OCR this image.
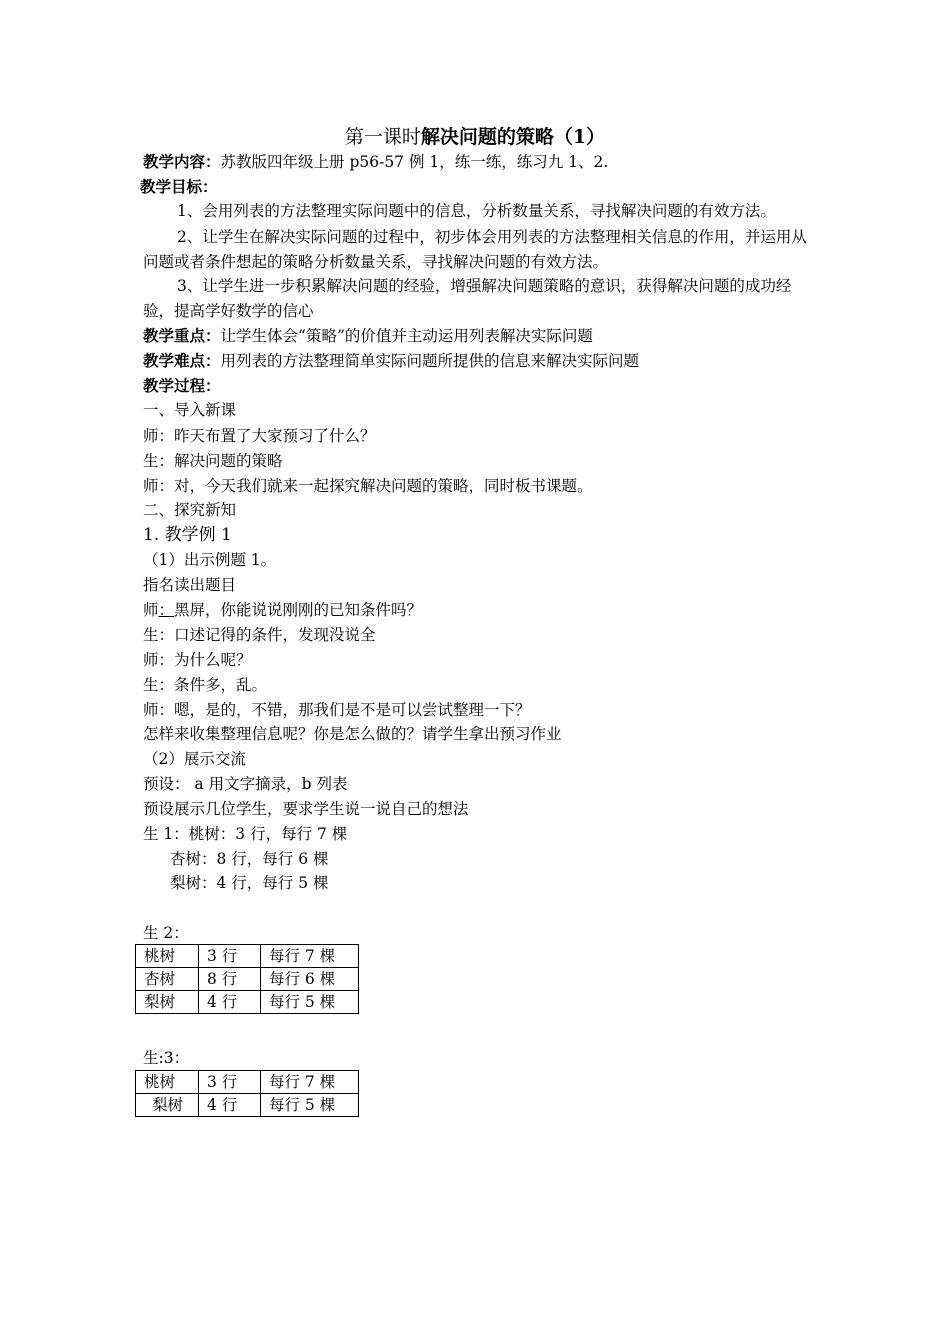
第一课时解决问题的策略（1）
教学内容：苏教版四年级上册 p56-57 例 1，练一练，练习九 1、2.
教学目标：
1、会用列表的方法整理实际问题中的信息，分析数量关系，寻找解决问题的有效方法。
2、让学生在解决实际问题的过程中，初步体会用列表的方法整理相关信息的作用，并运用从问题或者条件想起的策略分析数量关系，寻找解决问题的有效方法。
3、让学生进一步积累解决问题的经验，增强解决问题策略的意识，获得解决问题的成功经验，提高学好数学的信心
教学重点：让学生体会“策略”的价值并主动运用列表解决实际问题
教学难点：用列表的方法整理简单实际问题所提供的信息来解决实际问题
教学过程：
一、导入新课
师：昨天布置了大家预习了什么？
生：解决问题的策略
师：对，今天我们就来一起探究解决问题的策略，同时板书课题。
二、探究新知
1. 教学例 1
（1）出示例题 1。
指名读出题目
师：黑屏，你能说说刚刚的已知条件吗？
生：口述记得的条件，发现没说全
师：为什么呢？
生：条件多，乱。
师：嗯，是的，不错，那我们是不是可以尝试整理一下？
怎样来收集整理信息呢？你是怎么做的？请学生拿出预习作业
（2）展示交流
预设： a 用文字摘录，b 列表
预设展示几位学生，要求学生说一说自己的想法
生 1：桃树：3 行，每行 7 棵
杏树：8 行，每行 6 棵
梨树：4 行，每行 5 棵
生 2：
桃树	3 行	每行 7 棵
杏树	8 行	每行 6 棵
梨树	4 行	每行 5 棵
生:3：
桃树	3 行	每行 7 棵
梨树	4 行	每行 5 棵
